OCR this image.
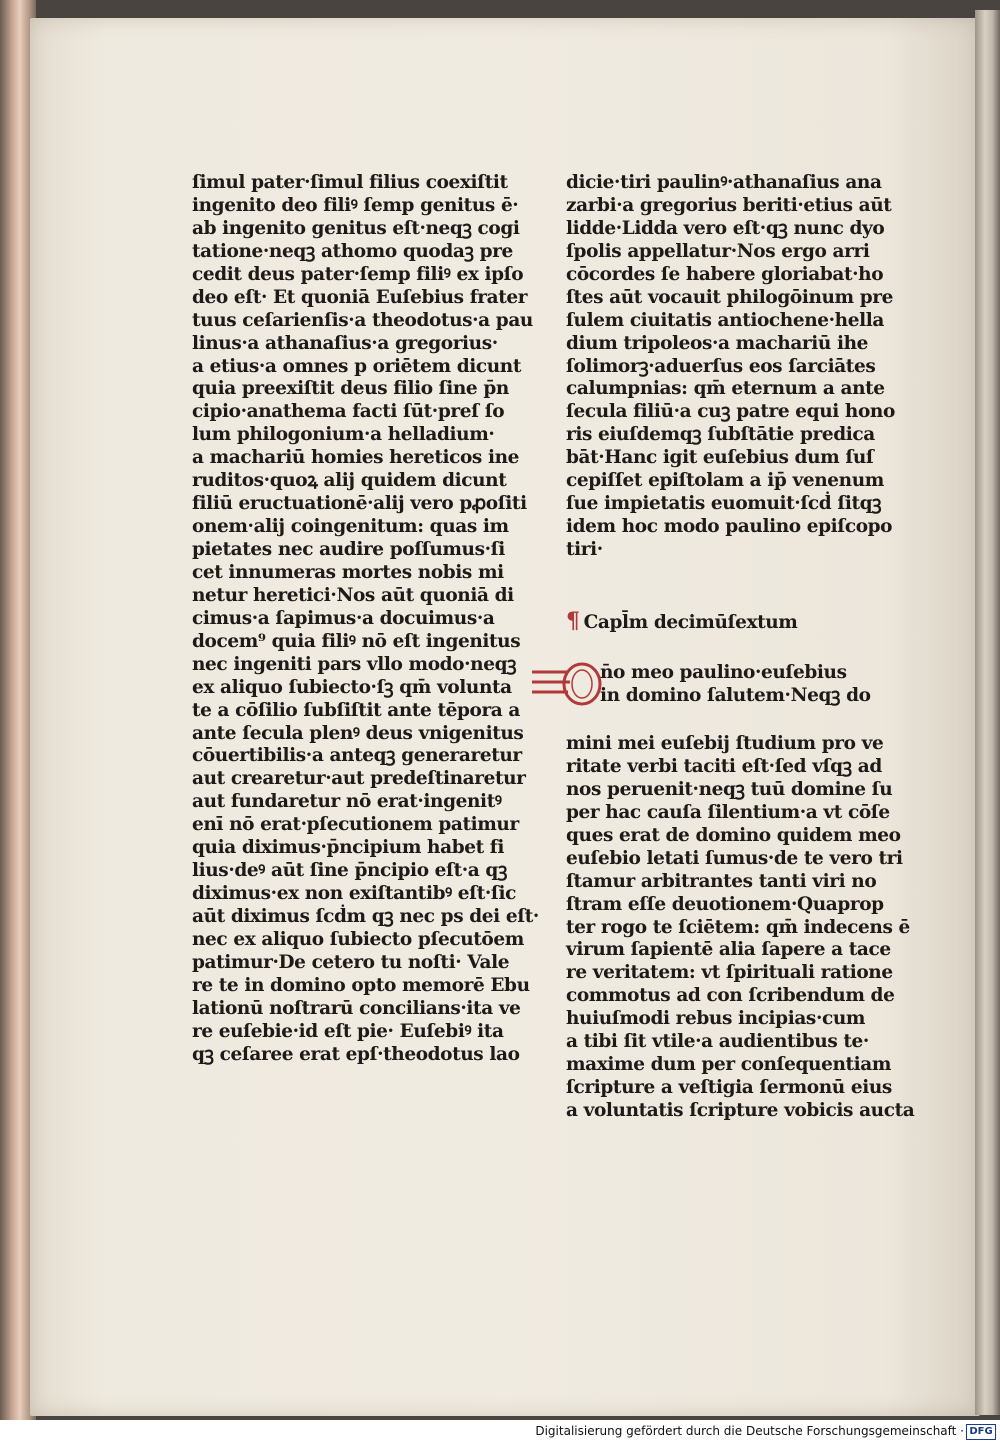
ſimul pater·ſimul filius coexiſtit
ingenito deo filiꝰ ſemp genitus ē·
ab ingenito genitus eſt·neqꝫ cogi
tatione·neqꝫ athomo quodaꝫ pre
cedit deus pater·ſemp filiꝰ ex ipſo
deo eſt· Et quoniā Euſebius frater
tuus ceſarienſis·a theodotus·a pau
linus·a athanaſius·a gregorius·
a etius·a omnes p oriētem dicunt
quia preexiſtit deus filio ſine p̄n
cipio·anathema facti ſūt·preſ ſo
lum philogonium·a helladium·
a machariū homies hereticos ine
ruditos·quoꝝ alij quidem dicunt
filiū eructuationē·alij vero pꝓoſiti
onem·alij coingenitum: quas im
pietates nec audire poſſumus·ſi
cet innumeras mortes nobis mi
netur heretici·Nos aūt quoniā di
cimus·a ſapimus·a docuimus·a
docem⁹ quia filiꝰ nō eſt ingenitus
nec ingeniti pars vllo modo·neqꝫ
ex aliquo ſubiecto·ſꝫ qm̄ volunta
te a cōſilio ſubſiſtit ante tēpora a
ante ſecula plenꝰ deus vnigenitus
cōuertibilis·a anteqꝫ generaretur
aut crearetur·aut predeſtinaretur
aut fundaretur nō erat·ingenitꝰ
enī nō erat·pſecutionem patimur
quia diximus·p̄ncipium habet fi
lius·deꝰ aūt ſine p̄ncipio eſt·a qꝫ
diximus·ex non exiſtantibꝰ eſt·ſic
aūt diximus ſcḋm qꝫ nec ps dei eſt·
nec ex aliquo ſubiecto pſecutōem
patimur·De cetero tu noſti· Vale
re te in domino opto memorē Ebu
lationū noſtrarū concilians·ita ve
re euſebie·id eſt pie· Euſebiꝰ ita
qꝫ ceſaree erat epſ·theodotus lao
dicie·tiri paulinꝰ·athanaſius ana
zarbi·a gregorius beriti·etius aūt
lidde·Lidda vero eſt·qꝫ nunc dyo
ſpolis appellatur·Nos ergo arri
cōcordes ſe habere gloriabat·ho
ſtes aūt vocauit philogōinum pre
ſulem ciuitatis antiochene·hella
dium tripoleos·a machariū ihe
ſolimorꝫ·aduerſus eos ſarciātes
calumpnias: qm̄ eternum a ante
ſecula filiū·a cuꝫ patre equi hono
ris eiuſdemqꝫ ſubſtātie predica
bāt·Hanc igit euſebius dum ſuſ
cepiſſet epiſtolam a ip̄ venenum
ſue impietatis euomuit·ſcḋ ſitqꝫ
idem hoc modo paulino epiſcopo
tiri·
¶ Capl̄m decimūſextum
n̄o meo paulino·euſebius
in domino ſalutem·Neqꝫ do
mini mei euſebij ſtudium pro ve
ritate verbi taciti eſt·ſed vſqꝫ ad
nos peruenit·neqꝫ tuū domine ſu
per hac cauſa ſilentium·a vt cōſe
ques erat de domino quidem meo
euſebio letati ſumus·de te vero tri
ſtamur arbitrantes tanti viri no
ſtram eſſe deuotionem·Quaprop
ter rogo te ſciētem: qm̄ indecens ē
virum ſapientē alia ſapere a tace
re veritatem: vt ſpirituali ratione
commotus ad con ſcribendum de
huiuſmodi rebus incipias·cum
a tibi ſit vtile·a audientibus te·
maxime dum per conſequentiam
ſcripture a veſtigia ſermonū eius
a voluntatis ſcripture vobicis aucta
Digitalisierung gefördert durch die Deutsche Forschungsgemeinschaft · DFG
